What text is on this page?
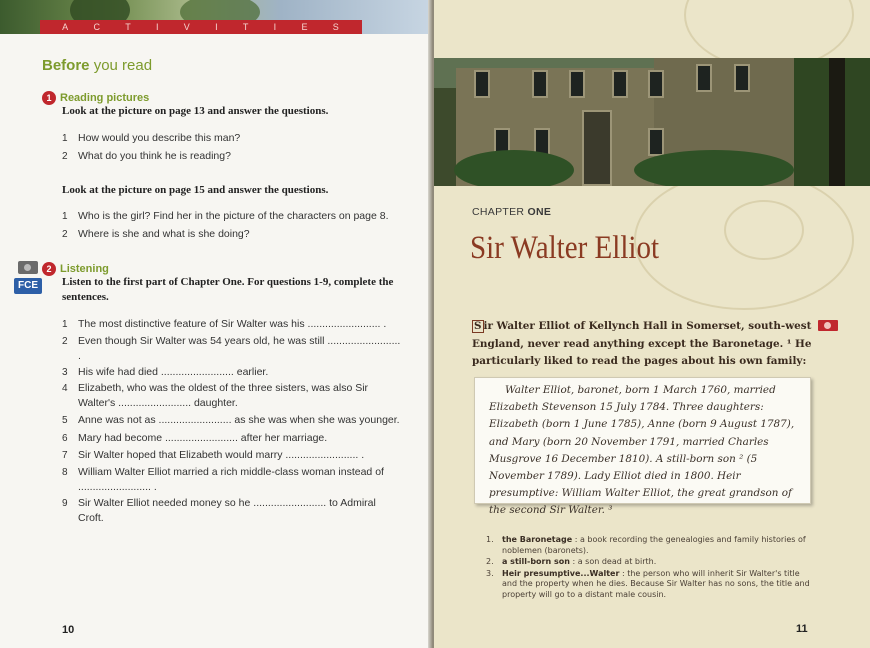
A	C	T	I	V	I	T	I	E	S
Before you read
1 Reading pictures
Look at the picture on page 13 and answer the questions.
1 How would you describe this man?
2 What do you think he is reading?
Look at the picture on page 15 and answer the questions.
1 Who is the girl? Find her in the picture of the characters on page 8.
2 Where is she and what is she doing?
FCE
2 Listening
Listen to the first part of Chapter One. For questions 1-9, complete the sentences.
1 The most distinctive feature of Sir Walter was his ......................... .
2 Even though Sir Walter was 54 years old, he was still ......................... .
3 His wife had died ......................... earlier.
4 Elizabeth, who was the oldest of the three sisters, was also Sir Walter's ......................... daughter.
5 Anne was not as ......................... as she was when she was younger.
6 Mary had become ......................... after her marriage.
7 Sir Walter hoped that Elizabeth would marry ......................... .
8 William Walter Elliot married a rich middle-class woman instead of ......................... .
9 Sir Walter Elliot needed money so he ......................... to Admiral Croft.
10
CHAPTER ONE
Sir Walter Elliot
S ir Walter Elliot of Kellynch Hall in Somerset, south-west England, never read anything except the Baronetage. ¹ He particularly liked to read the pages about his own family:

Walter Elliot, baronet, born 1 March 1760, married Elizabeth Stevenson 15 July 1784. Three daughters: Elizabeth (born 1 June 1785), Anne (born 9 August 1787), and Mary (born 20 November 1791, married Charles Musgrove 16 December 1810). A still-born son ² (5 November 1789). Lady Elliot died in 1800. Heir presumptive: William Walter Elliot, the great grandson of the second Sir Walter. ³

1.	the Baronetage : a book recording the genealogies and family histories of noblemen (baronets).
2.	a still-born son : a son dead at birth.
3.	Heir presumptive...Walter : the person who will inherit Sir Walter's title and the property when he dies. Because Sir Walter has no sons, the title and property will go to a distant male cousin.
11
